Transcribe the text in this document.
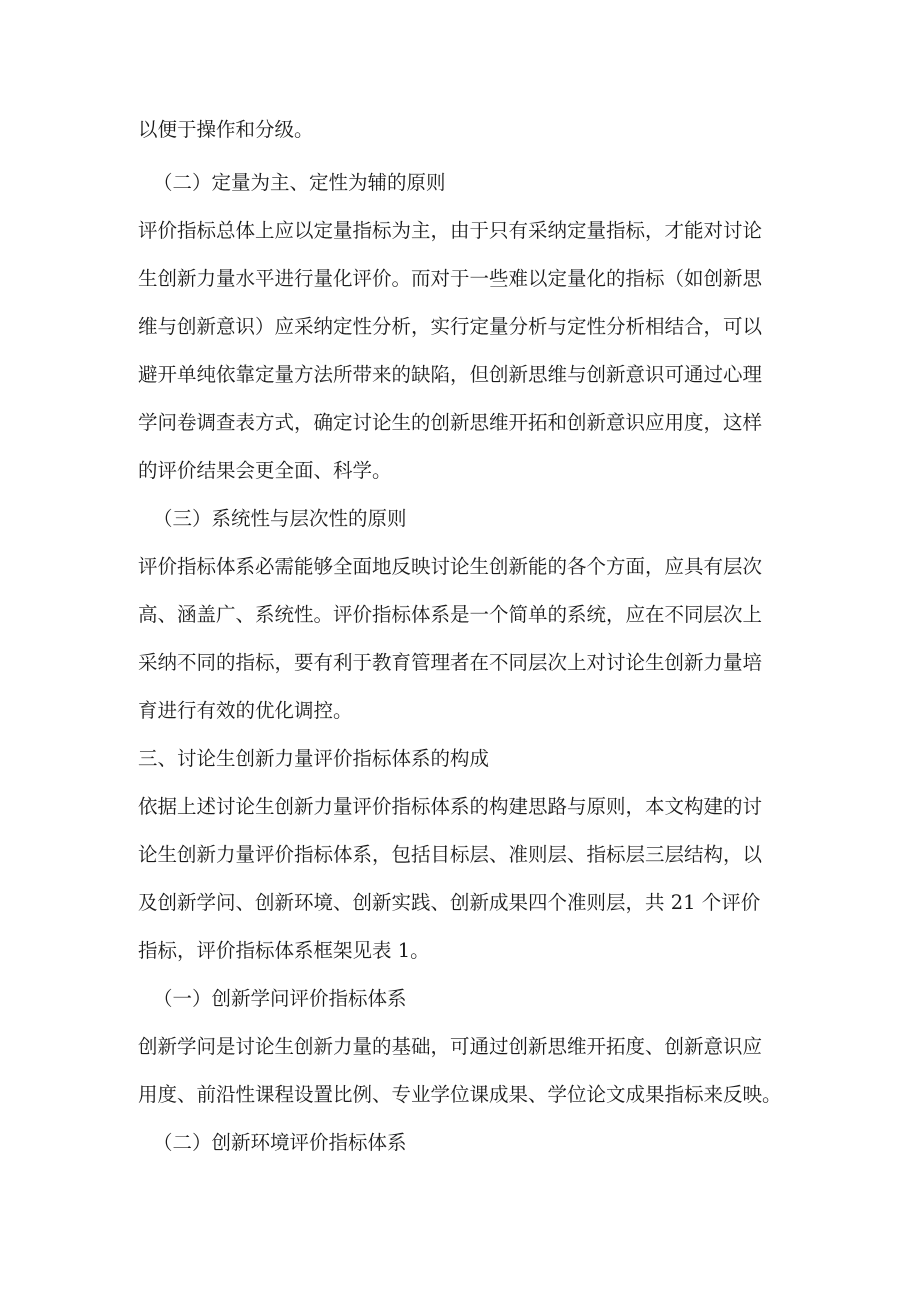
以便于操作和分级。
（二）定量为主、定性为辅的原则
评价指标总体上应以定量指标为主，由于只有采纳定量指标，才能对讨论
生创新力量水平进行量化评价。而对于一些难以定量化的指标（如创新思
维与创新意识）应采纳定性分析，实行定量分析与定性分析相结合，可以
避开单纯依靠定量方法所带来的缺陷，但创新思维与创新意识可通过心理
学问卷调查表方式，确定讨论生的创新思维开拓和创新意识应用度，这样
的评价结果会更全面、科学。
（三）系统性与层次性的原则
评价指标体系必需能够全面地反映讨论生创新能的各个方面，应具有层次
高、涵盖广、系统性。评价指标体系是一个简单的系统，应在不同层次上
采纳不同的指标，要有利于教育管理者在不同层次上对讨论生创新力量培
育进行有效的优化调控。
三、讨论生创新力量评价指标体系的构成
依据上述讨论生创新力量评价指标体系的构建思路与原则，本文构建的讨
论生创新力量评价指标体系，包括目标层、准则层、指标层三层结构，以
及创新学问、创新环境、创新实践、创新成果四个准则层，共 21 个评价
指标，评价指标体系框架见表 1。
（一）创新学问评价指标体系
创新学问是讨论生创新力量的基础，可通过创新思维开拓度、创新意识应
用度、前沿性课程设置比例、专业学位课成果、学位论文成果指标来反映。
（二）创新环境评价指标体系
